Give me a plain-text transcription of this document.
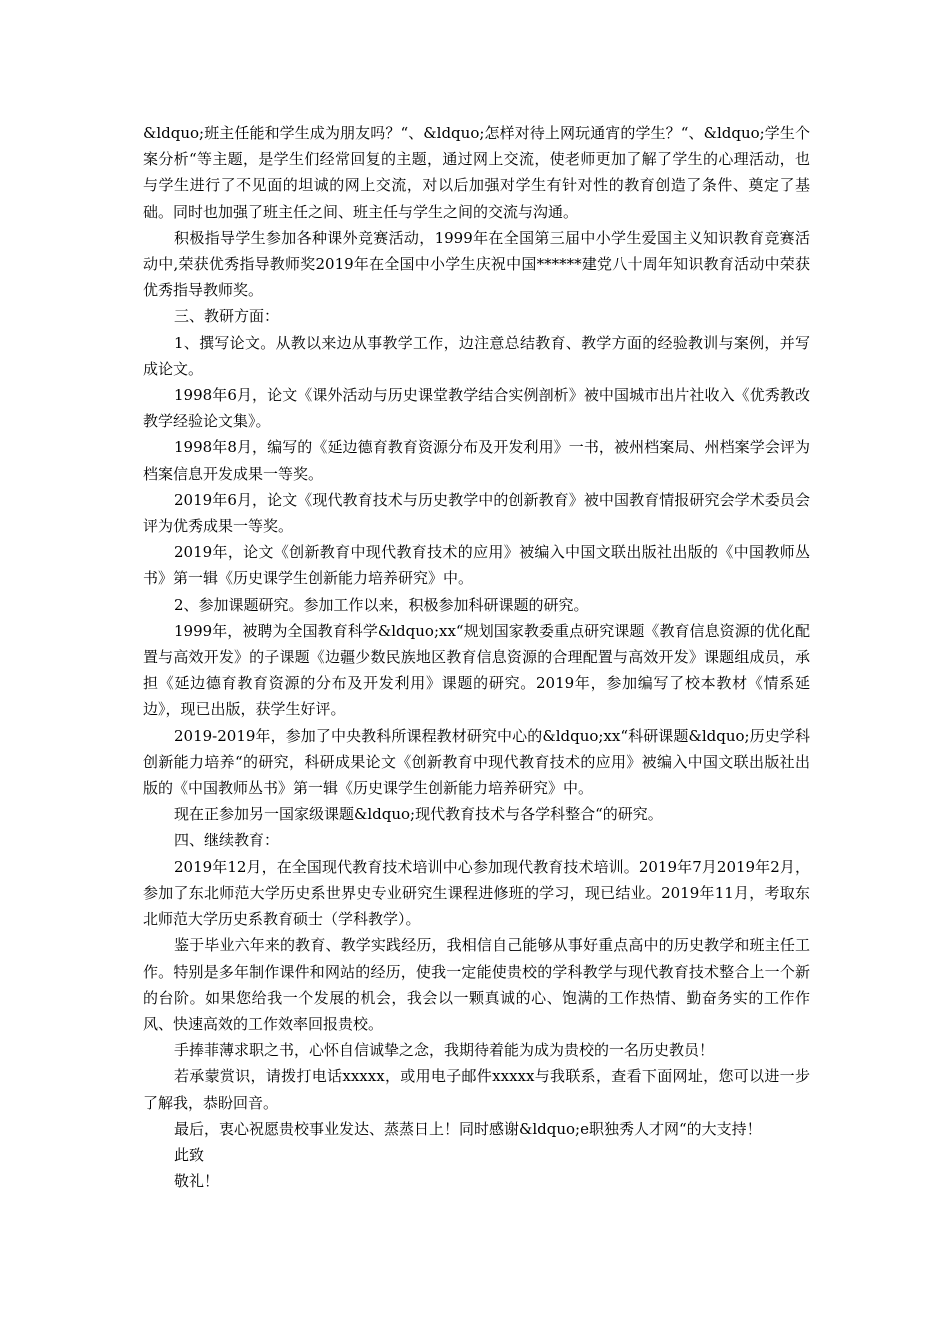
&ldquo;班主任能和学生成为朋友吗？“、&ldquo;怎样对待上网玩通宵的学生？“、&ldquo;学生个案分析“等主题，是学生们经常回复的主题，通过网上交流，使老师更加了解了学生的心理活动，也与学生进行了不见面的坦诚的网上交流，对以后加强对学生有针对性的教育创造了条件、奠定了基础。同时也加强了班主任之间、班主任与学生之间的交流与沟通。

积极指导学生参加各种课外竞赛活动，1999年在全国第三届中小学生爱国主义知识教育竞赛活动中,荣获优秀指导教师奖2019年在全国中小学生庆祝中国******建党八十周年知识教育活动中荣获优秀指导教师奖。

三、教研方面：

1、撰写论文。从教以来边从事教学工作，边注意总结教育、教学方面的经验教训与案例，并写成论文。

1998年6月，论文《课外活动与历史课堂教学结合实例剖析》被中国城市出片社收入《优秀教改教学经验论文集》。

1998年8月，编写的《延边德育教育资源分布及开发利用》一书，被州档案局、州档案学会评为档案信息开发成果一等奖。

2019年6月，论文《现代教育技术与历史教学中的创新教育》被中国教育情报研究会学术委员会评为优秀成果一等奖。

2019年，论文《创新教育中现代教育技术的应用》被编入中国文联出版社出版的《中国教师丛书》第一辑《历史课学生创新能力培养研究》中。

2、参加课题研究。参加工作以来，积极参加科研课题的研究。

1999年，被聘为全国教育科学&ldquo;xx“规划国家教委重点研究课题《教育信息资源的优化配置与高效开发》的子课题《边疆少数民族地区教育信息资源的合理配置与高效开发》课题组成员，承担《延边德育教育资源的分布及开发利用》课题的研究。2019年，参加编写了校本教材《情系延边》，现已出版，获学生好评。

2019-2019年，参加了中央教科所课程教材研究中心的&ldquo;xx“科研课题&ldquo;历史学科创新能力培养“的研究，科研成果论文《创新教育中现代教育技术的应用》被编入中国文联出版社出版的《中国教师丛书》第一辑《历史课学生创新能力培养研究》中。

现在正参加另一国家级课题&ldquo;现代教育技术与各学科整合“的研究。

四、继续教育：

2019年12月，在全国现代教育技术培训中心参加现代教育技术培训。2019年7月2019年2月，参加了东北师范大学历史系世界史专业研究生课程进修班的学习，现已结业。2019年11月，考取东北师范大学历史系教育硕士（学科教学）。

鉴于毕业六年来的教育、教学实践经历，我相信自己能够从事好重点高中的历史教学和班主任工作。特别是多年制作课件和网站的经历，使我一定能使贵校的学科教学与现代教育技术整合上一个新的台阶。如果您给我一个发展的机会，我会以一颗真诚的心、饱满的工作热情、勤奋务实的工作作风、快速高效的工作效率回报贵校。

手捧菲薄求职之书，心怀自信诚挚之念，我期待着能为成为贵校的一名历史教员！

若承蒙赏识，请拨打电话xxxxx，或用电子邮件xxxxx与我联系，查看下面网址，您可以进一步了解我，恭盼回音。

最后，衷心祝愿贵校事业发达、蒸蒸日上！同时感谢&ldquo;e职独秀人才网“的大支持！

此致

敬礼！
